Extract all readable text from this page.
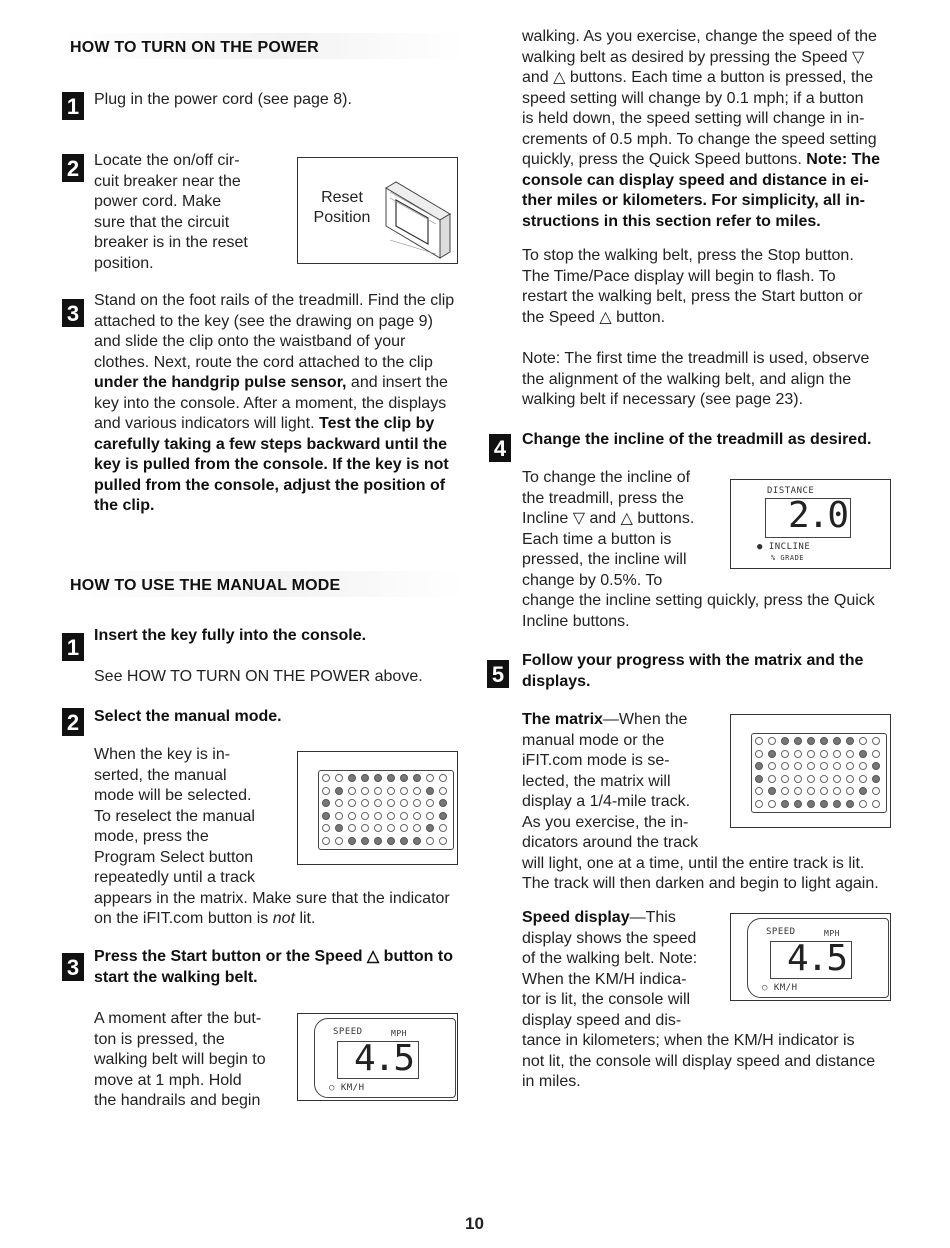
HOW TO TURN ON THE POWER
1 Plug in the power cord (see page 8).
2 Locate the on/off cir-
cuit breaker near the
power cord. Make
sure that the circuit
breaker is in the reset
position.
Reset
Position
3
Stand on the foot rails of the treadmill. Find the clip
attached to the key (see the drawing on page 9)
and slide the clip onto the waistband of your
clothes. Next, route the cord attached to the clip
under the handgrip pulse sensor, and insert the
key into the console. After a moment, the displays
and various indicators will light. Test the clip by
carefully taking a few steps backward until the
key is pulled from the console. If the key is not
pulled from the console, adjust the position of
the clip.
HOW TO USE THE MANUAL MODE
1 Insert the key fully into the console.
See HOW TO TURN ON THE POWER above.
2 Select the manual mode.
When the key is in-
serted, the manual
mode will be selected.
To reselect the manual
mode, press the
Program Select button
repeatedly until a track
appears in the matrix. Make sure that the indicator
on the iFIT.com button is not lit.
3 Press the Start button or the Speed △ button to
start the walking belt.
A moment after the but-
ton is pressed, the
walking belt will begin to
move at 1 mph. Hold
the handrails and begin
SPEED	MPH
4.5
○ KM/H
walking. As you exercise, change the speed of the
walking belt as desired by pressing the Speed ▽
and △ buttons. Each time a button is pressed, the
speed setting will change by 0.1 mph; if a button
is held down, the speed setting will change in in-
crements of 0.5 mph. To change the speed setting
quickly, press the Quick Speed buttons. Note: The
console can display speed and distance in ei-
ther miles or kilometers. For simplicity, all in-
structions in this section refer to miles.
To stop the walking belt, press the Stop button.
The Time/Pace display will begin to flash. To
restart the walking belt, press the Start button or
the Speed △ button.
Note: The first time the treadmill is used, observe
the alignment of the walking belt, and align the
walking belt if necessary (see page 23).
4 Change the incline of the treadmill as desired.
To change the incline of
the treadmill, press the
Incline ▽ and △ buttons.
Each time a button is
pressed, the incline will
change by 0.5%. To
change the incline setting quickly, press the Quick
Incline buttons.
DISTANCE
2.0
● INCLINE
% GRADE
5
Follow your progress with the matrix and the
displays.
The matrix—When the
manual mode or the
iFIT.com mode is se-
lected, the matrix will
display a 1/4-mile track.
As you exercise, the in-
dicators around the track
will light, one at a time, until the entire track is lit.
The track will then darken and begin to light again.
Speed display—This
display shows the speed
of the walking belt. Note:
When the KM/H indica-
tor is lit, the console will
display speed and dis-
tance in kilometers; when the KM/H indicator is
not lit, the console will display speed and distance
in miles.
SPEED	MPH
4.5
○ KM/H
10
